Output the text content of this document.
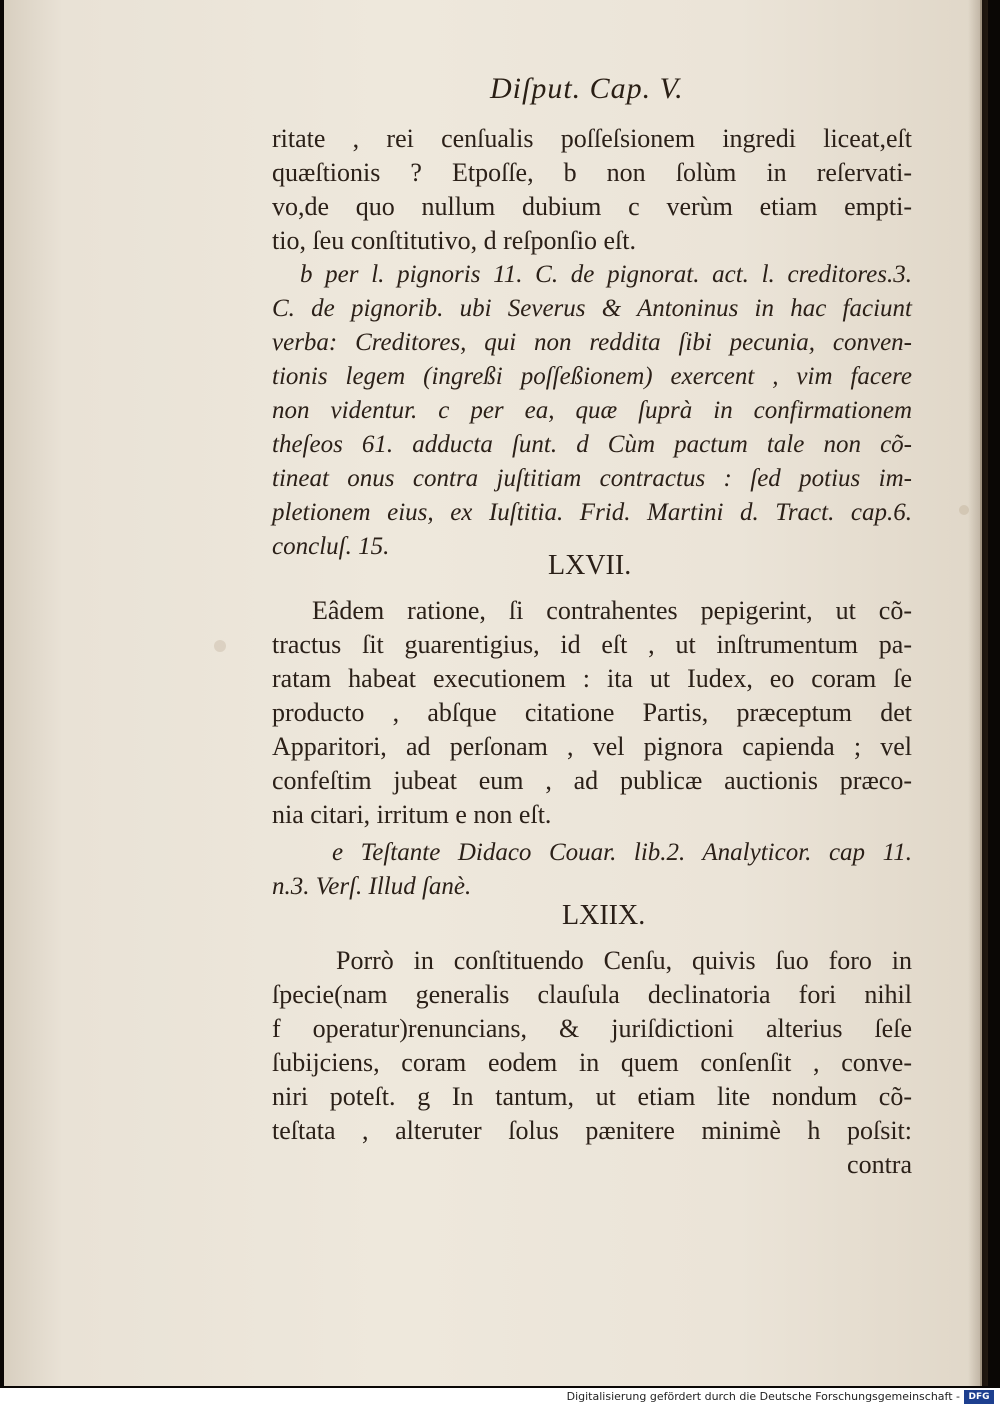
Diſput. Cap. V.
ritate , rei cenſualis poſſeſsionem ingredi liceat,eſt
quæſtionis ? Etpoſſe, b non ſolùm in reſervati-
vo,de quo nullum dubium c verùm etiam empti-
tio, ſeu conſtitutivo, d reſponſio eſt.
b per l. pignoris 11. C. de pignorat. act. l. creditores.3.
C. de pignorib. ubi Severus & Antoninus in hac faciunt
verba: Creditores, qui non reddita ſibi pecunia, conven-
tionis legem (ingreßi poſſeßionem) exercent , vim facere
non videntur. c per ea, quæ ſuprà in confirmationem
theſeos 61. adducta ſunt. d Cùm pactum tale non cõ-
tineat onus contra juſtitiam contractus : ſed potius im-
pletionem eius, ex Iuſtitia. Frid. Martini d. Tract. cap.6.
concluſ. 15.
LXVII.
Eâdem ratione, ſi contrahentes pepigerint, ut cõ-
tractus ſit guarentigius, id eſt , ut inſtrumentum pa-
ratam habeat executionem : ita ut Iudex, eo coram ſe
producto , abſque citatione Partis, præceptum det
Apparitori, ad perſonam , vel pignora capienda ; vel
confeſtim jubeat eum , ad publicæ auctionis præco-
nia citari, irritum e non eſt.
e Teſtante Didaco Couar. lib.2. Analyticor. cap 11.
n.3. Verſ. Illud ſanè.
LXIIX.
Porrò in conſtituendo Cenſu, quivis ſuo foro in
ſpecie(nam generalis clauſula declinatoria fori nihil
f operatur)renuncians, & juriſdictioni alterius ſeſe
ſubijciens, coram eodem in quem conſenſit , conve-
niri poteſt. g In tantum, ut etiam lite nondum cõ-
teſtata , alteruter ſolus pænitere minimè h poſsit:
contra
Digitalisierung gefördert durch die Deutsche Forschungsgemeinschaft - DFG
